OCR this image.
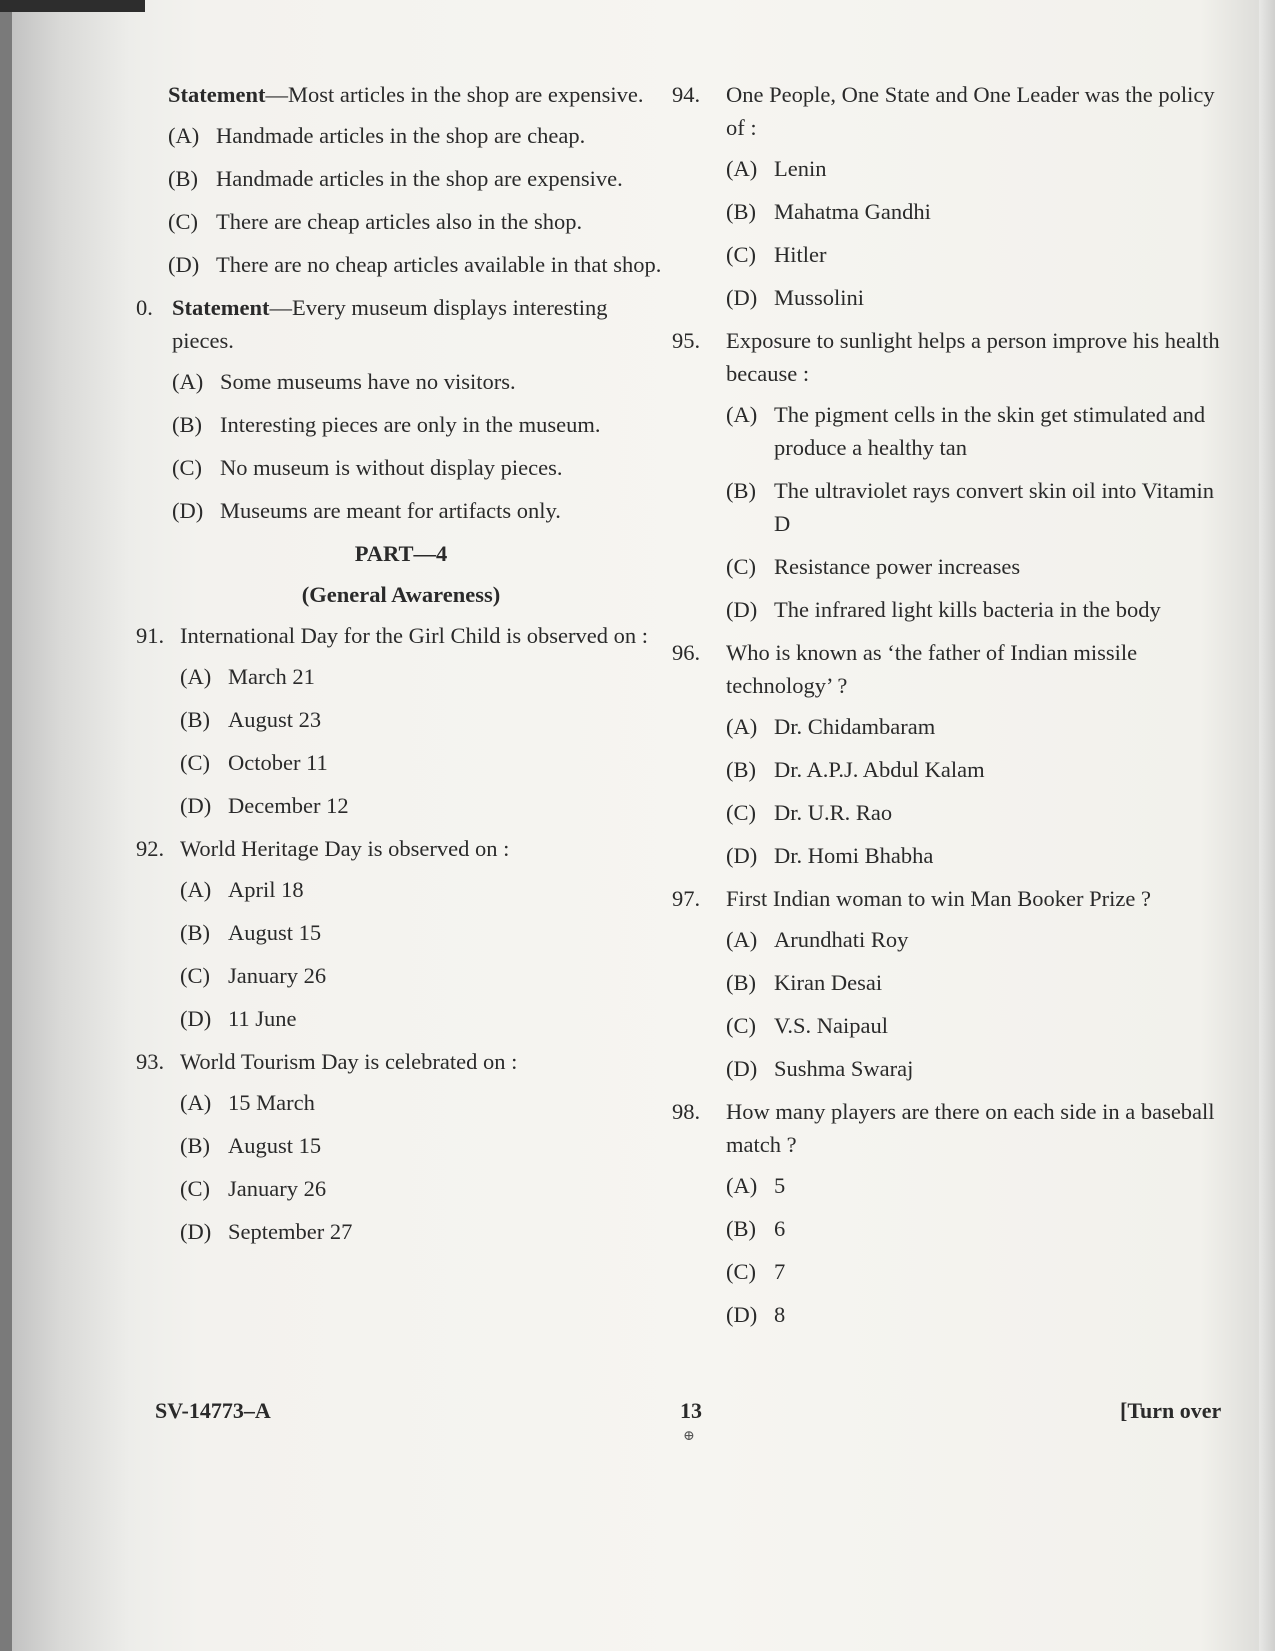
Statement—Most articles in the shop are expensive.
(A) Handmade articles in the shop are cheap.
(B) Handmade articles in the shop are expensive.
(C) There are cheap articles also in the shop.
(D) There are no cheap articles available in that shop.
0. Statement—Every museum displays interesting pieces.
(A) Some museums have no visitors.
(B) Interesting pieces are only in the museum.
(C) No museum is without display pieces.
(D) Museums are meant for artifacts only.
PART—4
(General Awareness)
91. International Day for the Girl Child is observed on :
(A) March 21
(B) August 23
(C) October 11
(D) December 12
92. World Heritage Day is observed on :
(A) April 18
(B) August 15
(C) January 26
(D) 11 June
93. World Tourism Day is celebrated on :
(A) 15 March
(B) August 15
(C) January 26
(D) September 27
94.	One People, One State and One Leader was the policy of :
(A) Lenin
(B) Mahatma Gandhi
(C) Hitler
(D) Mussolini
95.	Exposure to sunlight helps a person improve his health because :
(A) The pigment cells in the skin get stimulated and produce a healthy tan
(B) The ultraviolet rays convert skin oil into Vitamin D
(C) Resistance power increases
(D) The infrared light kills bacteria in the body
96.	Who is known as ‘the father of Indian missile technology’ ?
(A) Dr. Chidambaram
(B) Dr. A.P.J. Abdul Kalam
(C) Dr. U.R. Rao
(D) Dr. Homi Bhabha
97.	First Indian woman to win Man Booker Prize ?
(A) Arundhati Roy
(B) Kiran Desai
(C) V.S. Naipaul
(D) Sushma Swaraj
98.	How many players are there on each side in a baseball match ?
(A) 5
(B) 6
(C) 7
(D) 8
SV-14773–A	13
⊕
[Turn over
